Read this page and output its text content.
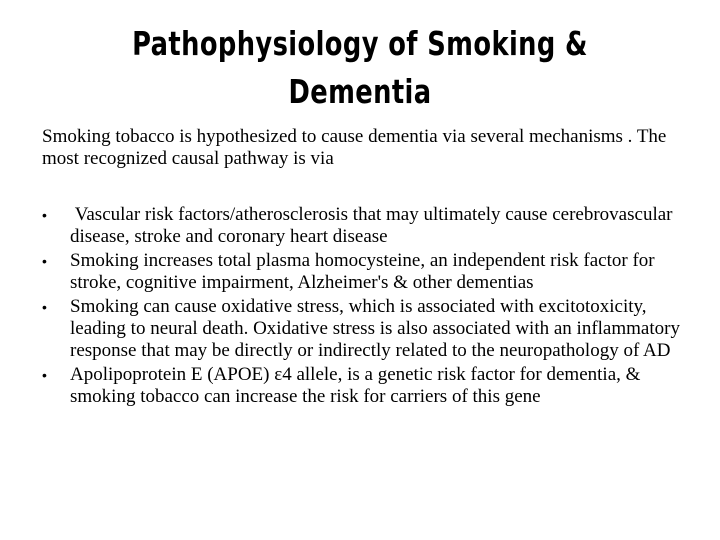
Pathophysiology of Smoking &
Dementia
Smoking tobacco is hypothesized to cause dementia via several mechanisms . The most recognized causal pathway is via
•	Vascular risk factors/atherosclerosis that may ultimately cause cerebrovascular disease, stroke and coronary heart disease
•	Smoking increases total plasma homocysteine, an independent risk factor for stroke, cognitive impairment, Alzheimer's & other dementias
•	Smoking can cause oxidative stress, which is associated with excitotoxicity, leading to neural death. Oxidative stress is also associated with an inflammatory response that may be directly or indirectly related to the neuropathology of AD
•	Apolipoprotein E (APOE) ε4 allele, is a genetic risk factor for dementia, & smoking tobacco can increase the risk for carriers of this gene
